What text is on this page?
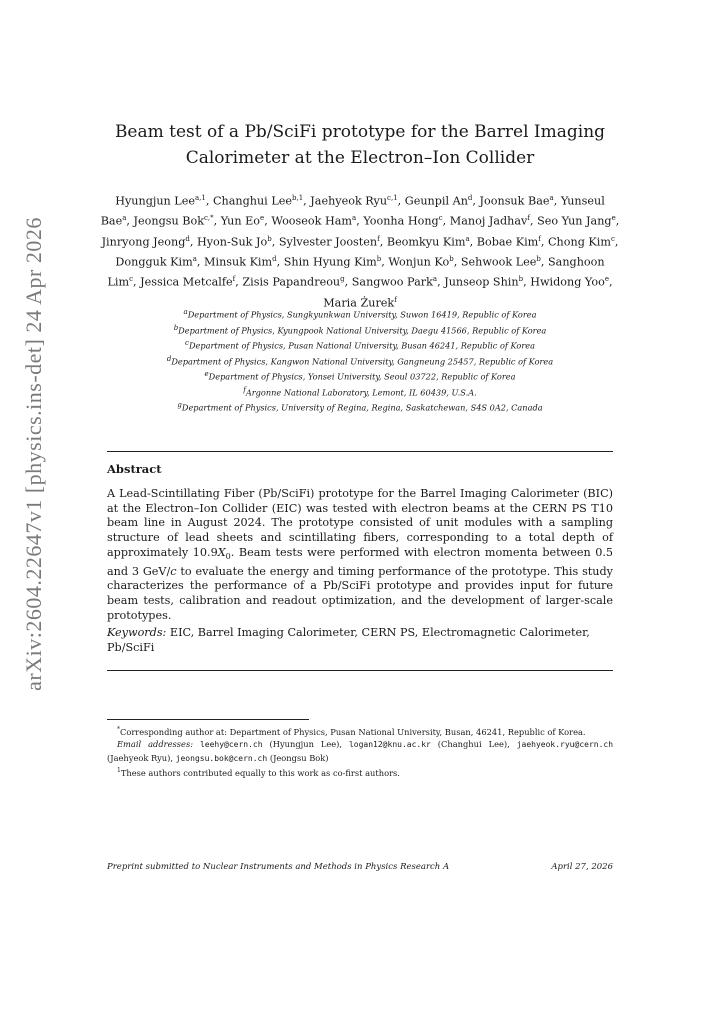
arXiv:2604.22647v1 [physics.ins-det] 24 Apr 2026
Beam test of a Pb/SciFi prototype for the Barrel Imaging Calorimeter at the Electron–Ion Collider
Hyungjun Lee$^{a,1}$, Changhui Lee$^{b,1}$, Jaehyeok Ryu$^{c,1}$, Geunpil An$^d$, Joonsuk Bae$^a$, Yunseul Bae$^a$, Jeongsu Bok$^{c,*}$, Yun Eo$^e$, Wooseok Ham$^a$, Yoonha Hong$^c$, Manoj Jadhav$^f$, Seo Yun Jang$^e$, Jinryong Jeong$^d$, Hyon-Suk Jo$^b$, Sylvester Joosten$^f$, Beomkyu Kim$^a$, Bobae Kim$^f$, Chong Kim$^c$, Dongguk Kim$^a$, Minsuk Kim$^d$, Shin Hyung Kim$^b$, Wonjun Ko$^b$, Sehwook Lee$^b$, Sanghoon Lim$^c$, Jessica Metcalfe$^f$, Zisis Papandreou$^g$, Sangwoo Park$^a$, Junseop Shin$^b$, Hwidong Yoo$^e$, Maria Żurek$^f$
$^a$Department of Physics, Sungkyunkwan University, Suwon 16419, Republic of Korea
$^b$Department of Physics, Kyungpook National University, Daegu 41566, Republic of Korea
$^c$Department of Physics, Pusan National University, Busan 46241, Republic of Korea
$^d$Department of Physics, Kangwon National University, Gangneung 25457, Republic of Korea
$^e$Department of Physics, Yonsei University, Seoul 03722, Republic of Korea
$^f$Argonne National Laboratory, Lemont, IL 60439, U.S.A.
$^g$Department of Physics, University of Regina, Regina, Saskatchewan, S4S 0A2, Canada
Abstract
A Lead-Scintillating Fiber (Pb/SciFi) prototype for the Barrel Imaging Calorimeter (BIC) at the Electron–Ion Collider (EIC) was tested with electron beams at the CERN PS T10 beam line in August 2024. The prototype consisted of unit modules with a sampling structure of lead sheets and scintillating fibers, corresponding to a total depth of approximately $10.9X_0$. Beam tests were performed with electron momenta between 0.5 and 3 GeV/c to evaluate the energy and timing performance of the prototype. This study characterizes the performance of a Pb/SciFi prototype and provides input for future beam tests, calibration and readout optimization, and the development of larger-scale prototypes.
Keywords: EIC, Barrel Imaging Calorimeter, CERN PS, Electromagnetic Calorimeter, Pb/SciFi

*Corresponding author at: Department of Physics, Pusan National University, Busan, 46241, Republic of Korea.

Email addresses: leehy@cern.ch (Hyungjun Lee), logan12@knu.ac.kr (Changhui Lee), jaehyeok.ryu@cern.ch (Jaehyeok Ryu), jeongsu.bok@cern.ch (Jeongsu Bok)

$^1$These authors contributed equally to this work as co-first authors.

Preprint submitted to Nuclear Instruments and Methods in Physics Research A	April 27, 2026
